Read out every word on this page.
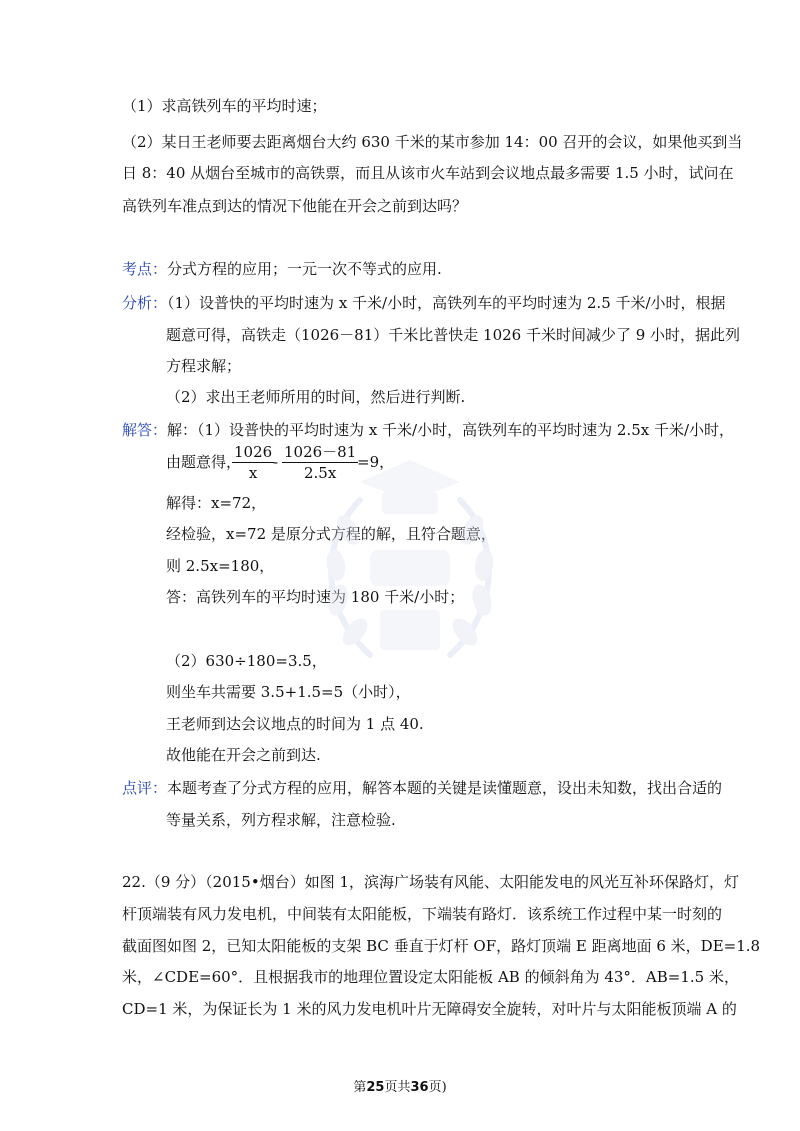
（1）求高铁列车的平均时速；
（2）某日王老师要去距离烟台大约 630 千米的某市参加 14：00 召开的会议，如果他买到当
日 8：40 从烟台至城市的高铁票，而且从该市火车站到会议地点最多需要 1.5 小时，试问在
高铁列车准点到达的情况下他能在开会之前到达吗？
考点：分式方程的应用；一元一次不等式的应用.
分析：（1）设普快的平均时速为 x 千米/小时，高铁列车的平均时速为 2.5 千米/小时，根据
题意可得，高铁走（1026－81）千米比普快走 1026 千米时间减少了 9 小时，据此列
方程求解；
（2）求出王老师所用的时间，然后进行判断.
解答：解：（1）设普快的平均时速为 x 千米/小时，高铁列车的平均时速为 2.5x 千米/小时，
由题意得，
1026
x
-
1026－81
2.5x
=9，
解得：x=72，
经检验，x=72 是原分式方程的解，且符合题意，
则 2.5x=180，
答：高铁列车的平均时速为 180 千米/小时；
（2）630÷180=3.5，
则坐车共需要 3.5+1.5=5（小时），
王老师到达会议地点的时间为 1 点 40.
故他能在开会之前到达.
点评：本题考查了分式方程的应用，解答本题的关键是读懂题意，设出未知数，找出合适的
等量关系，列方程求解，注意检验.
22.（9 分）（2015•烟台）如图 1，滨海广场装有风能、太阳能发电的风光互补环保路灯，灯
杆顶端装有风力发电机，中间装有太阳能板，下端装有路灯．该系统工作过程中某一时刻的
截面图如图 2，已知太阳能板的支架 BC 垂直于灯杆 OF，路灯顶端 E 距离地面 6 米，DE=1.8
米，∠CDE=60°．且根据我市的地理位置设定太阳能板 AB 的倾斜角为 43°．AB=1.5 米，
CD=1 米，为保证长为 1 米的风力发电机叶片无障碍安全旋转，对叶片与太阳能板顶端 A 的
第25页共36页)
